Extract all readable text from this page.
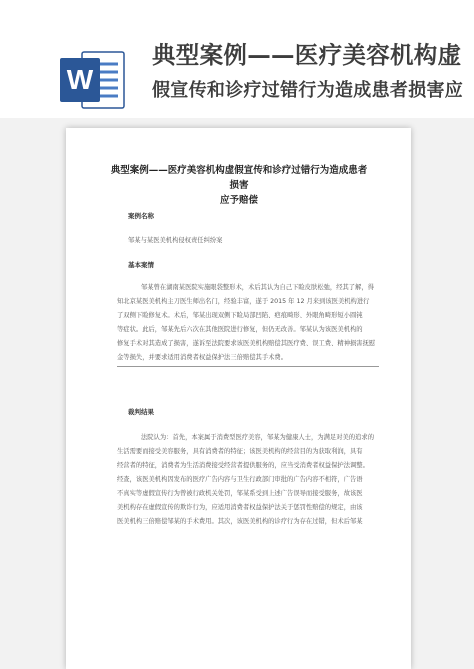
W
典型案例——医疗美容机构虚
假宣传和诊疗过错行为造成患者损害应
典型案例——医疗美容机构虚假宣传和诊疗过错行为造成患者损害
应予赔偿
案例名称
邹某与某医美机构侵权责任纠纷案
基本案情
邹某曾在湖南某医院实施眼袋整形术，术后其认为自己下睑皮肤松弛，经其了解，得
知北京某医美机构主刀医生师出名门，经验丰富，遂于 2015 年 12 月来到该医美机构进行
了双侧下睑修复术。术后，邹某出现双侧下睑局部凹陷、疤痕畸形、外眼角畸形短小圆钝
等症状。此后，邹某先后六次在其他医院进行修复，但仍无改善。邹某认为该医美机构的
修复手术对其造成了损害，遂诉至法院要求该医美机构赔偿其医疗费、误工费、精神损害抚慰
金等损失，并要求适用消费者权益保护法三倍赔偿其手术费。
裁判结果
法院认为：首先，本案属于消费型医疗美容，邹某为健康人士，为满足对美的追求的
生活需要而接受美容服务，具有消费者的特征；该医美机构的经营目的为获取利润，具有
经营者的特征，消费者为生活消费接受经营者提供服务的，应当受消费者权益保护法调整。
经查，该医美机构因发布的医疗广告内容与卫生行政部门审批的广告内容不相符，广告语
不真实等虚假宣传行为曾被行政机关处罚，邹某系受到上述广告误导而接受服务，故该医
美机构存在虚假宣传的欺诈行为，应适用消费者权益保护法关于惩罚性赔偿的规定，由该
医美机构三倍赔偿邹某的手术费用。其次，该医美机构的诊疗行为存在过错，但术后邹某
